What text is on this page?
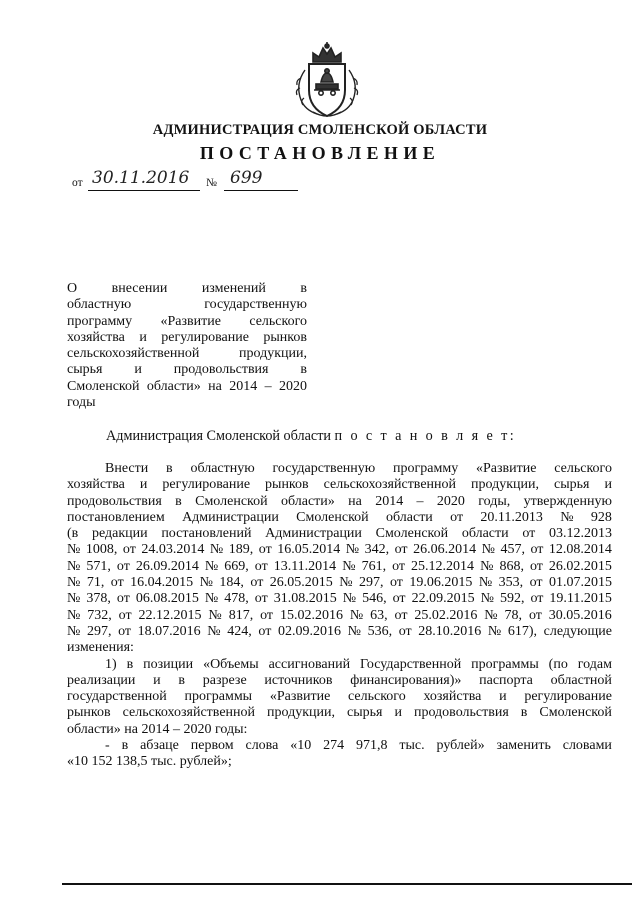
АДМИНИСТРАЦИЯ СМОЛЕНСКОЙ ОБЛАСТИ
ПОСТАНОВЛЕНИЕ
от 30.11.2016 № 699
О внесении изменений в
областную	государственную
программу «Развитие сельского
хозяйства и регулирование рынков
сельскохозяйственной	продукции,
сырья и продовольствия в
Смоленской области» на 2014 – 2020
годы
Администрация Смоленской области п о с т а н о в л я е т:
Внести в областную государственную программу «Развитие сельского
хозяйства и регулирование рынков сельскохозяйственной продукции, сырья и
продовольствия в Смоленской области» на 2014 – 2020 годы, утвержденную
постановлением Администрации Смоленской области от 20.11.2013 № 928
(в редакции постановлений Администрации Смоленской области от 03.12.2013
№ 1008, от 24.03.2014 № 189, от 16.05.2014 № 342, от 26.06.2014 № 457, от 12.08.2014
№ 571, от 26.09.2014 № 669, от 13.11.2014 № 761, от 25.12.2014 № 868, от 26.02.2015
№ 71, от 16.04.2015 № 184, от 26.05.2015 № 297, от 19.06.2015 № 353, от 01.07.2015
№ 378, от 06.08.2015 № 478, от 31.08.2015 № 546, от 22.09.2015 № 592, от 19.11.2015
№ 732, от 22.12.2015 № 817, от 15.02.2016 № 63, от 25.02.2016 № 78, от 30.05.2016
№ 297, от 18.07.2016 № 424, от 02.09.2016 № 536, от 28.10.2016 № 617), следующие
изменения:
1) в позиции «Объемы ассигнований Государственной программы (по годам
реализации и в разрезе источников финансирования)» паспорта областной
государственной программы «Развитие сельского хозяйства и регулирование
рынков сельскохозяйственной продукции, сырья и продовольствия в Смоленской
области» на 2014 – 2020 годы:
- в абзаце первом слова «10 274 971,8 тыс. рублей» заменить словами
«10 152 138,5 тыс. рублей»;
